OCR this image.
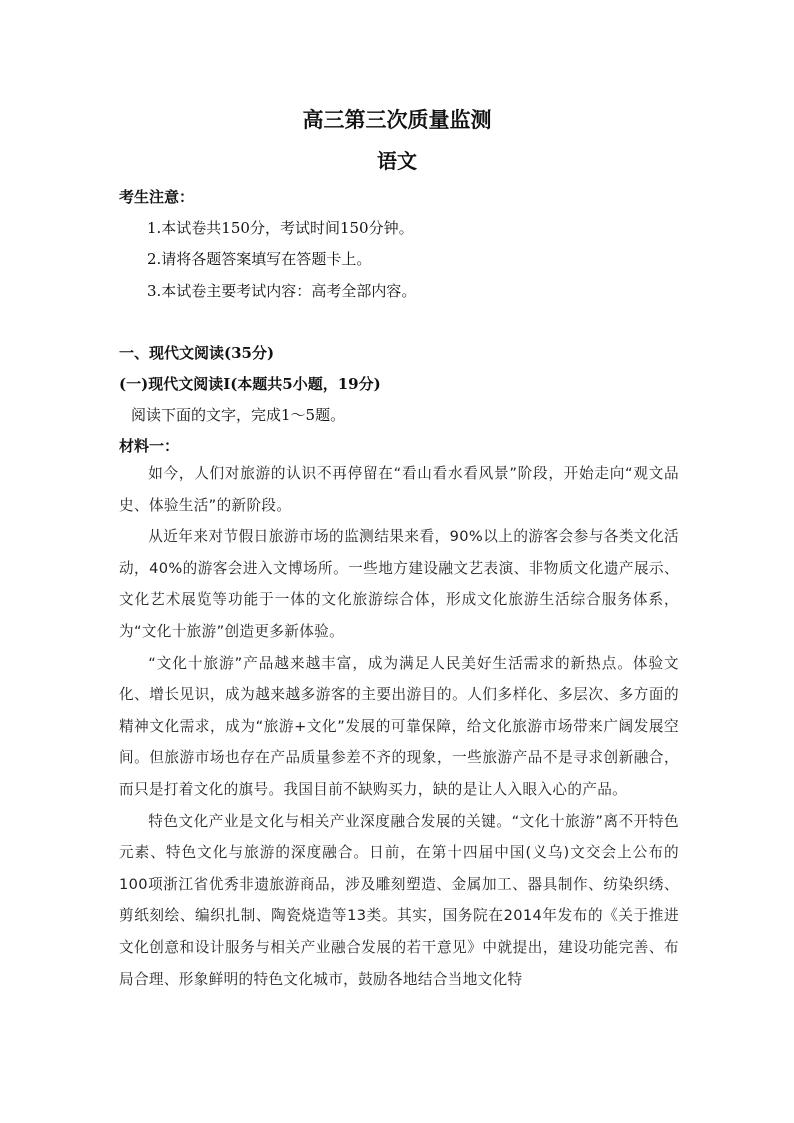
高三第三次质量监测
语文
考生注意：
1.本试卷共150分，考试时间150分钟。
2.请将各题答案填写在答题卡上。
3.本试卷主要考试内容：高考全部内容。
一、现代文阅读(35分)
(一)现代文阅读Ⅰ(本题共5小题，19分)
阅读下面的文字，完成1～5题。
材料一：

如今，人们对旅游的认识不再停留在“看山看水看风景”阶段，开始走向“观文品史、体验生活”的新阶段。

从近年来对节假日旅游市场的监测结果来看，90%以上的游客会参与各类文化活动，40%的游客会进入文博场所。一些地方建设融文艺表演、非物质文化遗产展示、文化艺术展览等功能于一体的文化旅游综合体，形成文化旅游生活综合服务体系，为“文化十旅游”创造更多新体验。

“文化十旅游”产品越来越丰富，成为满足人民美好生活需求的新热点。体验文化、增长见识，成为越来越多游客的主要出游目的。人们多样化、多层次、多方面的精神文化需求，成为“旅游+文化”发展的可靠保障，给文化旅游市场带来广阔发展空间。但旅游市场也存在产品质量参差不齐的现象，一些旅游产品不是寻求创新融合，而只是打着文化的旗号。我国目前不缺购买力，缺的是让人入眼入心的产品。

特色文化产业是文化与相关产业深度融合发展的关键。“文化十旅游”离不开特色元素、特色文化与旅游的深度融合。日前，在第十四届中国(义乌)文交会上公布的100项浙江省优秀非遗旅游商品，涉及雕刻塑造、金属加工、器具制作、纺染织绣、剪纸刻绘、编织扎制、陶瓷烧造等13类。其实，国务院在2014年发布的《关于推进文化创意和设计服务与相关产业融合发展的若干意见》中就提出，建设功能完善、布局合理、形象鲜明的特色文化城市，鼓励各地结合当地文化特
